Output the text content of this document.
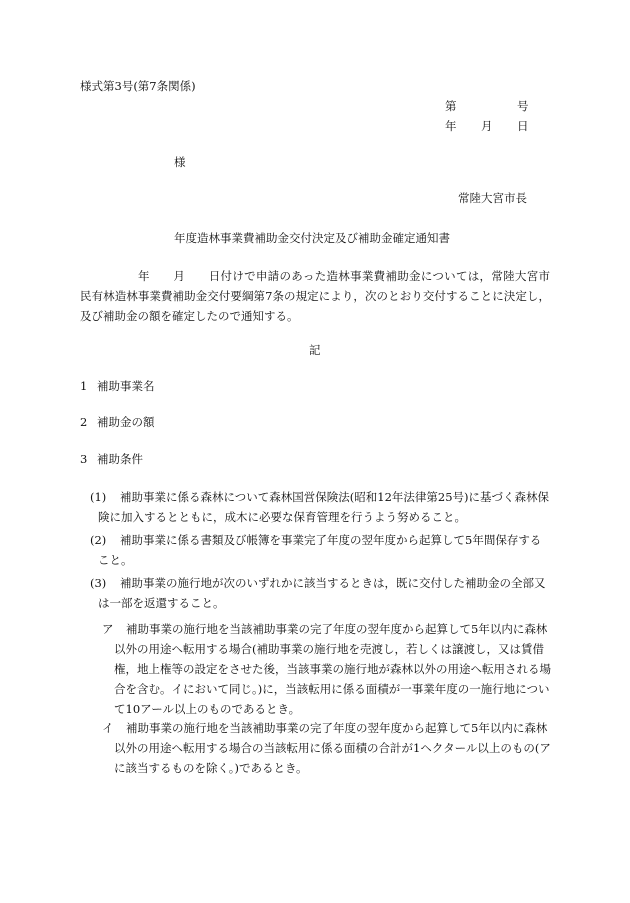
様式第3号(第7条関係)
第	号
年 月 日
様
常陸大宮市長
年度造林事業費補助金交付決定及び補助金確定通知書
年　　月　　日付けで申請のあった造林事業費補助金については，常陸大宮市民有林造林事業費補助金交付要綱第7条の規定により，次のとおり交付することに決定し，及び補助金の額を確定したので通知する。
記
1 補助事業名
2 補助金の額
3 補助条件
(1)	補助事業に係る森林について森林国営保険法(昭和12年法律第25号)に基づく森林保険に加入するとともに，成木に必要な保育管理を行うよう努めること。
(2)	補助事業に係る書類及び帳簿を事業完了年度の翌年度から起算して5年間保存すること。
(3)	補助事業の施行地が次のいずれかに該当するときは，既に交付した補助金の全部又は一部を返還すること。
ア	補助事業の施行地を当該補助事業の完了年度の翌年度から起算して5年以内に森林以外の用途へ転用する場合(補助事業の施行地を売渡し，若しくは譲渡し，又は賃借権，地上権等の設定をさせた後，当該事業の施行地が森林以外の用途へ転用される場合を含む。イにおいて同じ。)に，当該転用に係る面積が一事業年度の一施行地について10アール以上のものであるとき。
イ	補助事業の施行地を当該補助事業の完了年度の翌年度から起算して5年以内に森林以外の用途へ転用する場合の当該転用に係る面積の合計が1ヘクタール以上のもの(アに該当するものを除く。)であるとき。
